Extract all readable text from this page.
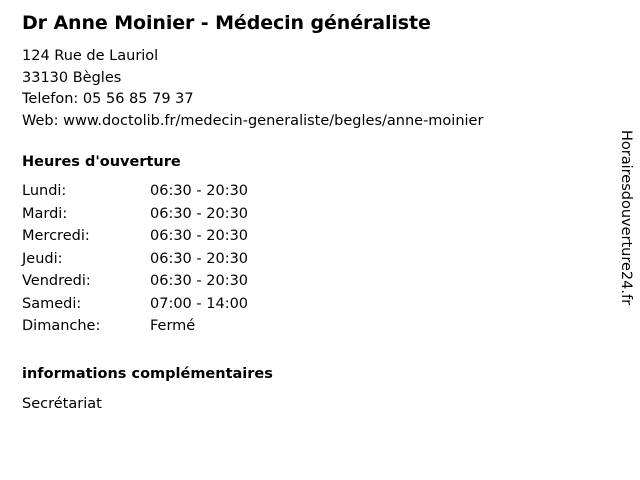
Dr Anne Moinier - Médecin généraliste
124 Rue de Lauriol
33130 Bègles
Telefon: 05 56 85 79 37
Web: www.doctolib.fr/medecin-generaliste/begles/anne-moinier
Heures d'ouverture
Lundi:	06:30 - 20:30
Mardi:	06:30 - 20:30
Mercredi:	06:30 - 20:30
Jeudi:	06:30 - 20:30
Vendredi:	06:30 - 20:30
Samedi:	07:00 - 14:00
Dimanche:	Fermé
informations complémentaires
Secrétariat
Horairesdouverture24.fr
